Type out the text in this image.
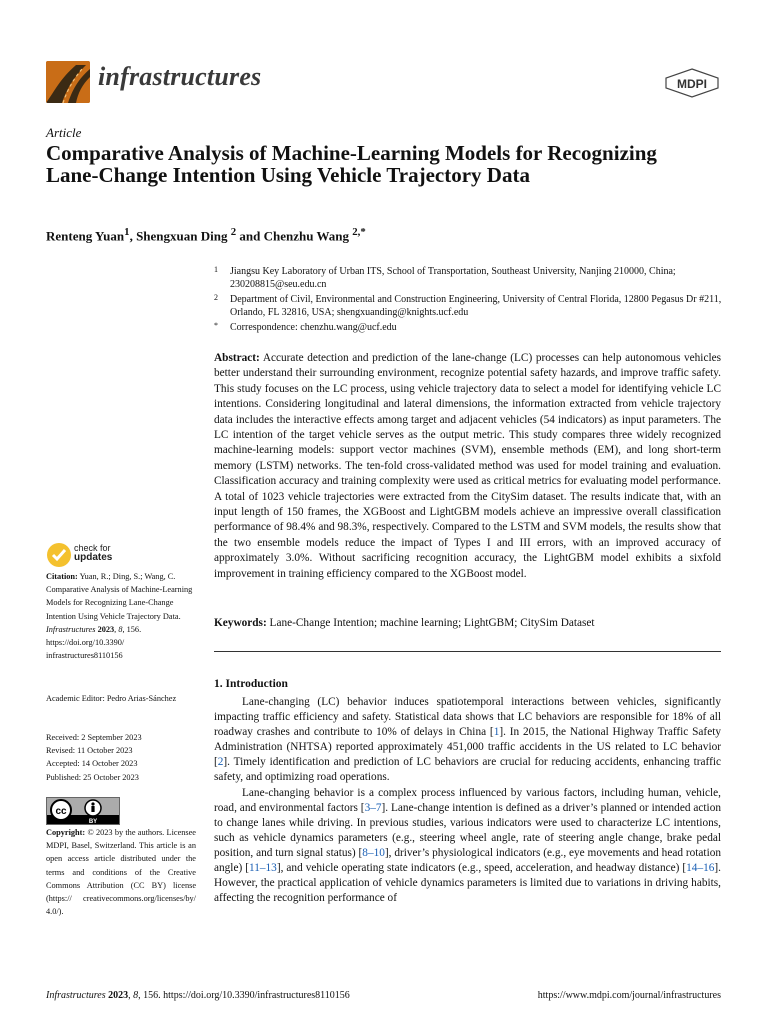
infrastructures	MDPI
Article
Comparative Analysis of Machine-Learning Models for Recognizing Lane-Change Intention Using Vehicle Trajectory Data
Renteng Yuan$^1$, Shengxuan Ding $^2$ and Chenzhu Wang $^{2,*}$
1 Jiangsu Key Laboratory of Urban ITS, School of Transportation, Southeast University, Nanjing 210000, China; 230208815@seu.edu.cn
2 Department of Civil, Environmental and Construction Engineering, University of Central Florida, 12800 Pegasus Dr #211, Orlando, FL 32816, USA; shengxuanding@knights.ucf.edu
* Correspondence: chenzhu.wang@ucf.edu
Abstract: Accurate detection and prediction of the lane-change (LC) processes can help autonomous vehicles better understand their surrounding environment, recognize potential safety hazards, and improve traffic safety. This study focuses on the LC process, using vehicle trajectory data to select a model for identifying vehicle LC intentions. Considering longitudinal and lateral dimensions, the information extracted from vehicle trajectory data includes the interactive effects among target and adjacent vehicles (54 indicators) as input parameters. The LC intention of the target vehicle serves as the output metric. This study compares three widely recognized machine-learning models: support vector machines (SVM), ensemble methods (EM), and long short-term memory (LSTM) networks. The ten-fold cross-validated method was used for model training and evaluation. Classification accuracy and training complexity were used as critical metrics for evaluating model performance. A total of 1023 vehicle trajectories were extracted from the CitySim dataset. The results indicate that, with an input length of 150 frames, the XGBoost and LightGBM models achieve an impressive overall classification performance of 98.4% and 98.3%, respectively. Compared to the LSTM and SVM models, the results show that the two ensemble models reduce the impact of Types I and III errors, with an improved accuracy of approximately 3.0%. Without sacrificing recognition accuracy, the LightGBM model exhibits a sixfold improvement in training efficiency compared to the XGBoost model.
Keywords: Lane-Change Intention; machine learning; LightGBM; CitySim Dataset
1. Introduction

Lane-changing (LC) behavior induces spatiotemporal interactions between vehicles, significantly impacting traffic efficiency and safety. Statistical data shows that LC behaviors are responsible for 18% of all roadway crashes and contribute to 10% of delays in China [1]. In 2015, the National Highway Traffic Safety Administration (NHTSA) reported approximately 451,000 traffic accidents in the US related to LC behavior [2]. Timely identification and prediction of LC behaviors are crucial for reducing accidents, enhancing traffic safety, and optimizing road operations.

Lane-changing behavior is a complex process influenced by various factors, including human, vehicle, road, and environmental factors [3–7]. Lane-change intention is defined as a driver’s planned or intended action to change lanes while driving. In previous studies, various indicators were used to characterize LC intentions, such as vehicle dynamics parameters (e.g., steering wheel angle, rate of steering angle change, brake pedal position, and turn signal status) [8–10], driver’s physiological indicators (e.g., eye movements and head rotation angle) [11–13], and vehicle operating state indicators (e.g., speed, acceleration, and headway distance) [14–16]. However, the practical application of vehicle dynamics parameters is limited due to variations in driving habits, affecting the recognition performance of

check for
updates
Citation: Yuan, R.; Ding, S.; Wang, C. Comparative Analysis of Machine-Learning Models for Recognizing Lane-Change Intention Using Vehicle Trajectory Data. Infrastructures 2023, 8, 156. https://doi.org/10.3390/ infrastructures8110156
Academic Editor: Pedro Arias-Sánchez
Received: 2 September 2023
Revised: 11 October 2023
Accepted: 14 October 2023
Published: 25 October 2023
cc
BY
Copyright: © 2023 by the authors. Licensee MDPI, Basel, Switzerland. This article is an open access article distributed under the terms and conditions of the Creative Commons Attribution (CC BY) license (https:// creativecommons.org/licenses/by/ 4.0/).
Infrastructures 2023, 8, 156. https://doi.org/10.3390/infrastructures8110156	https://www.mdpi.com/journal/infrastructures
